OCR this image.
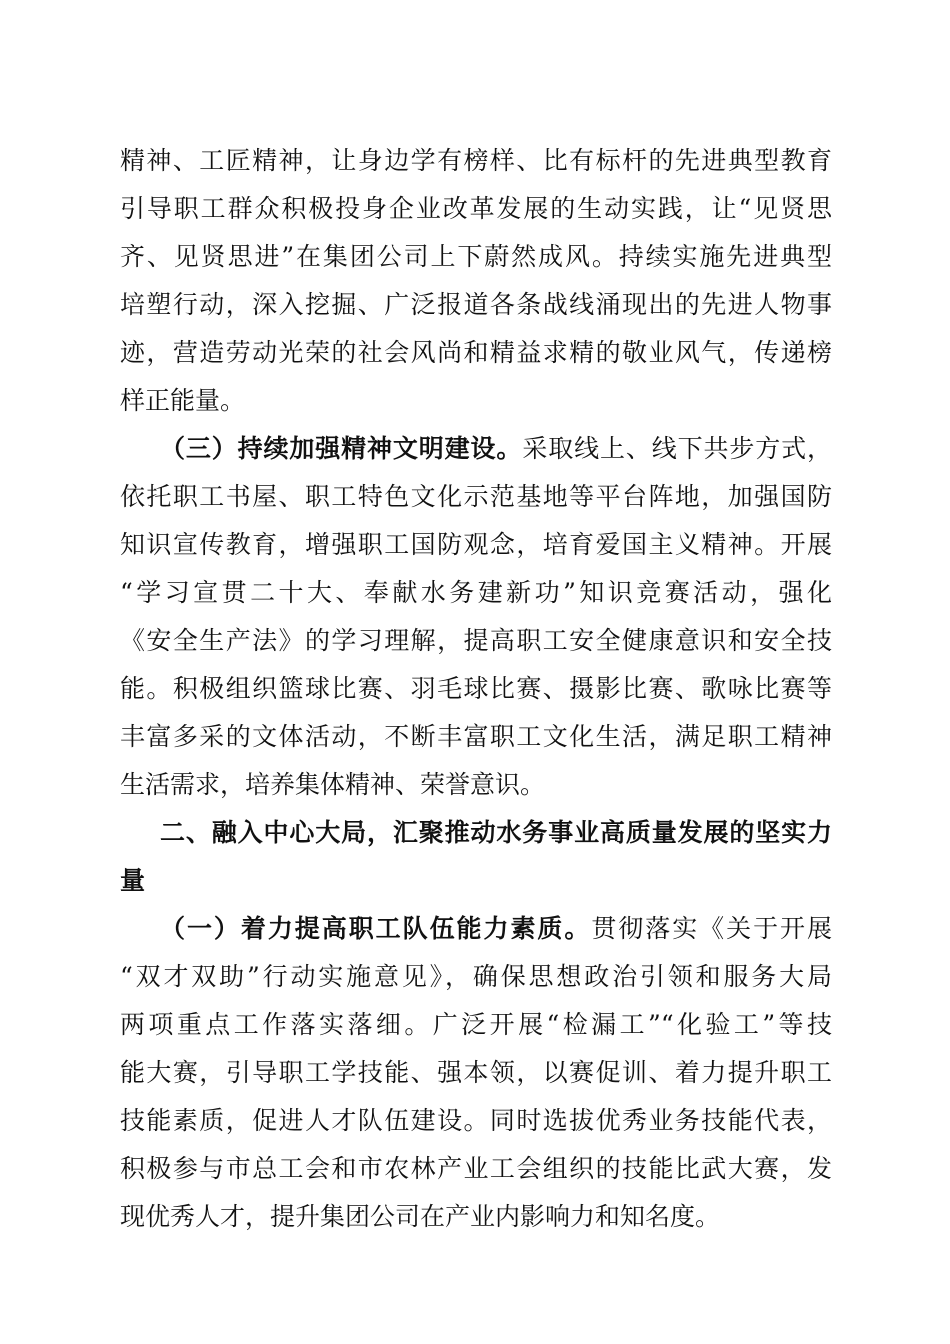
精神、工匠精神，让身边学有榜样、比有标杆的先进典型教育
引导职工群众积极投身企业改革发展的生动实践，让“见贤思
齐、见贤思进”在集团公司上下蔚然成风。持续实施先进典型
培塑行动，深入挖掘、广泛报道各条战线涌现出的先进人物事
迹，营造劳动光荣的社会风尚和精益求精的敬业风气，传递榜
样正能量。
（三）持续加强精神文明建设。采取线上、线下共步方式，
依托职工书屋、职工特色文化示范基地等平台阵地，加强国防
知识宣传教育，增强职工国防观念，培育爱国主义精神。开展
“学习宣贯二十大、奉献水务建新功”知识竞赛活动，强化
《安全生产法》的学习理解，提高职工安全健康意识和安全技
能。积极组织篮球比赛、羽毛球比赛、摄影比赛、歌咏比赛等
丰富多采的文体活动，不断丰富职工文化生活，满足职工精神
生活需求，培养集体精神、荣誉意识。
二、融入中心大局，汇聚推动水务事业高质量发展的坚实力
量
（一）着力提高职工队伍能力素质。贯彻落实《关于开展
“双才双助”行动实施意见》，确保思想政治引领和服务大局
两项重点工作落实落细。广泛开展“检漏工”“化验工”等技
能大赛，引导职工学技能、强本领，以赛促训、着力提升职工
技能素质，促进人才队伍建设。同时选拔优秀业务技能代表，
积极参与市总工会和市农林产业工会组织的技能比武大赛，发
现优秀人才，提升集团公司在产业内影响力和知名度。
